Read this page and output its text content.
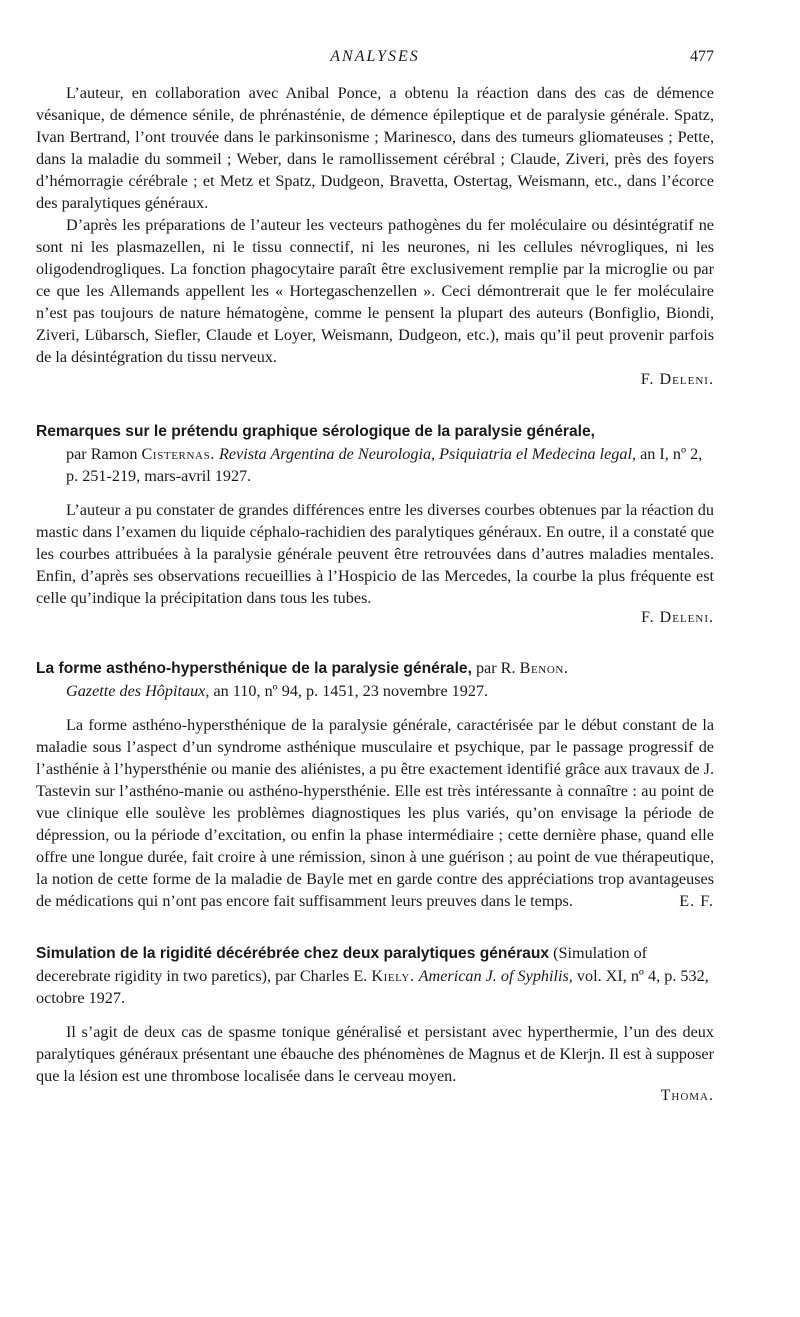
ANALYSES	477

L’auteur, en collaboration avec Anibal Ponce, a obtenu la réaction dans des cas de démence vésanique, de démence sénile, de phrénasténie, de démence épileptique et de paralysie générale. Spatz, Ivan Bertrand, l’ont trouvée dans le parkinsonisme ; Marinesco, dans des tumeurs gliomateuses ; Pette, dans la maladie du sommeil ; Weber, dans le ramollissement cérébral ; Claude, Ziveri, près des foyers d’hémorragie cérébrale ; et Metz et Spatz, Dudgeon, Bravetta, Ostertag, Weismann, etc., dans l’écorce des paralytiques généraux.

D’après les préparations de l’auteur les vecteurs pathogènes du fer moléculaire ou désintégratif ne sont ni les plasmazellen, ni le tissu connectif, ni les neurones, ni les cellules névrogliques, ni les oligodendrogliques. La fonction phagocytaire paraît être exclusivement remplie par la microglie ou par ce que les Allemands appellent les « Hortegaschenzellen ». Ceci démontrerait que le fer moléculaire n’est pas toujours de nature hématogène, comme le pensent la plupart des auteurs (Bonfiglio, Biondi, Ziveri, Lübarsch, Siefler, Claude et Loyer, Weismann, Dudgeon, etc.), mais qu’il peut provenir parfois de la désintégration du tissu nerveux.

F. Deleni.
Remarques sur le prétendu graphique sérologique de la paralysie générale,
par Ramon Cisternas. Revista Argentina de Neurologia, Psiquiatria el Medecina legal, an I, nº 2, p. 251-219, mars-avril 1927.
L’auteur a pu constater de grandes différences entre les diverses courbes obtenues par la réaction du mastic dans l’examen du liquide céphalo-rachidien des paralytiques généraux. En outre, il a constaté que les courbes attribuées à la paralysie générale peuvent être retrouvées dans d’autres maladies mentales. Enfin, d’après ses observations recueillies à l’Hospicio de las Mercedes, la courbe la plus fréquente est celle qu’indique la précipitation dans tous les tubes.
F. Deleni.
La forme asthéno-hypersthénique de la paralysie générale, par R. Benon.
Gazette des Hôpitaux, an 110, nº 94, p. 1451, 23 novembre 1927.
La forme asthéno-hypersthénique de la paralysie générale, caractérisée par le début constant de la maladie sous l’aspect d’un syndrome asthénique musculaire et psychique, par le passage progressif de l’asthénie à l’hypersthénie ou manie des aliénistes, a pu être exactement identifié grâce aux travaux de J. Tastevin sur l’asthéno-manie ou asthéno-hypersthénie. Elle est très intéressante à connaître : au point de vue clinique elle soulève les problèmes diagnostiques les plus variés, qu’on envisage la période de dépression, ou la période d’excitation, ou enfin la phase intermédiaire ; cette dernière phase, quand elle offre une longue durée, fait croire à une rémission, sinon à une guérison ; au point de vue thérapeutique, la notion de cette forme de la maladie de Bayle met en garde contre des appréciations trop avantageuses de médications qui n’ont pas encore fait suffisamment leurs preuves dans le temps.	E. F.
Simulation de la rigidité décérébrée chez deux paralytiques généraux (Simulation of decerebrate rigidity in two paretics), par Charles E. Kiely. American J. of Syphilis, vol. XI, nº 4, p. 532, octobre 1927.
Il s’agit de deux cas de spasme tonique généralisé et persistant avec hyperthermie, l’un des deux paralytiques généraux présentant une ébauche des phénomènes de Magnus et de Klerjn. Il est à supposer que la lésion est une thrombose localisée dans le cerveau moyen.
Thoma.
